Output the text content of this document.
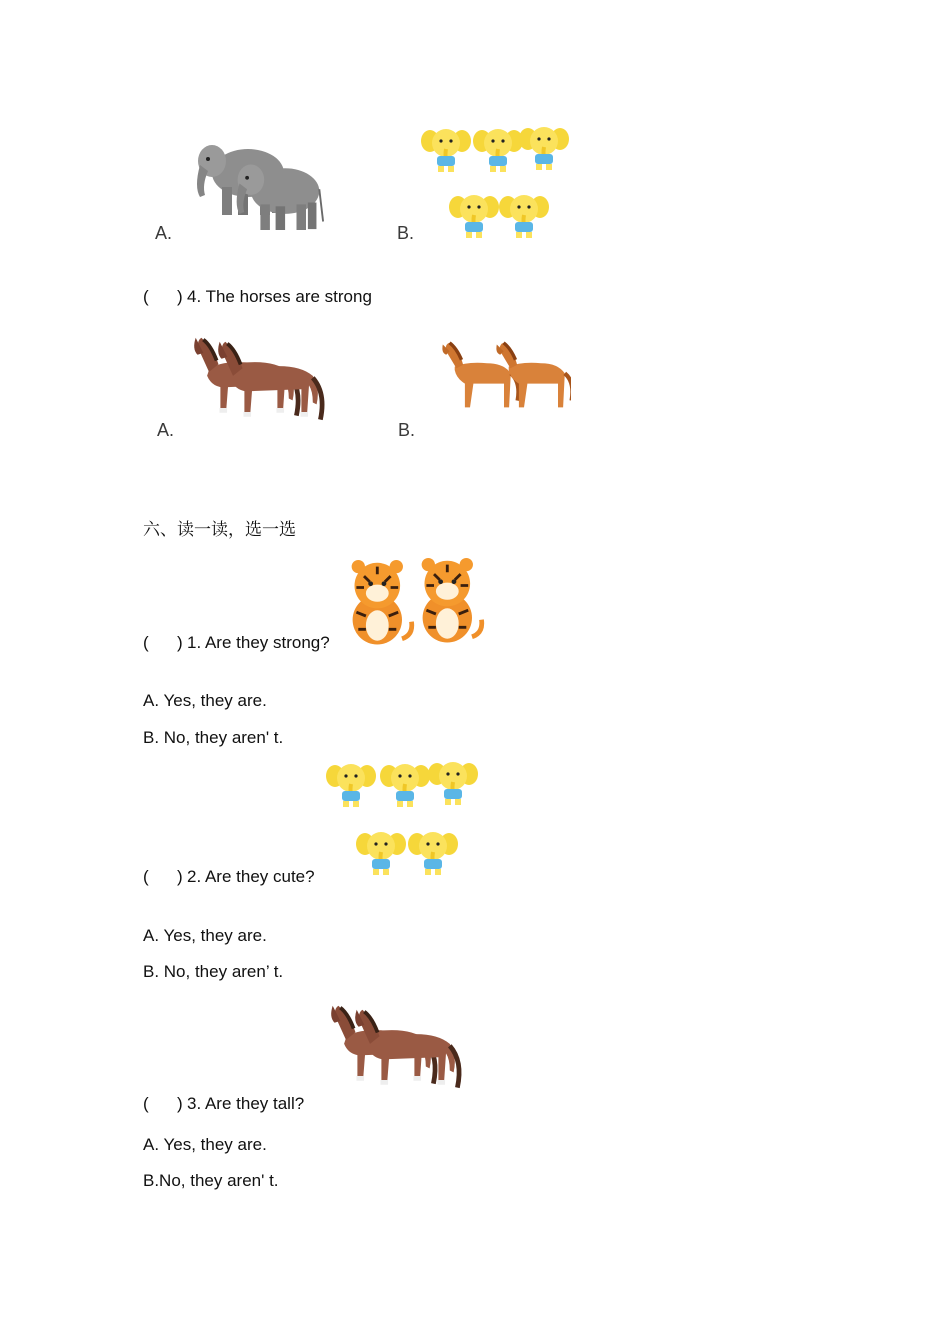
A.	B.
(      ) 4. The horses are strong
A.	B.
六、读一读，选一选
(      ) 1. Are they strong?
A. Yes, they are.
B. No, they aren' t.
(      ) 2. Are they cute?
A. Yes, they are.
B. No, they aren’ t.
(      ) 3. Are they tall?
A. Yes, they are.
B.No, they aren' t.
